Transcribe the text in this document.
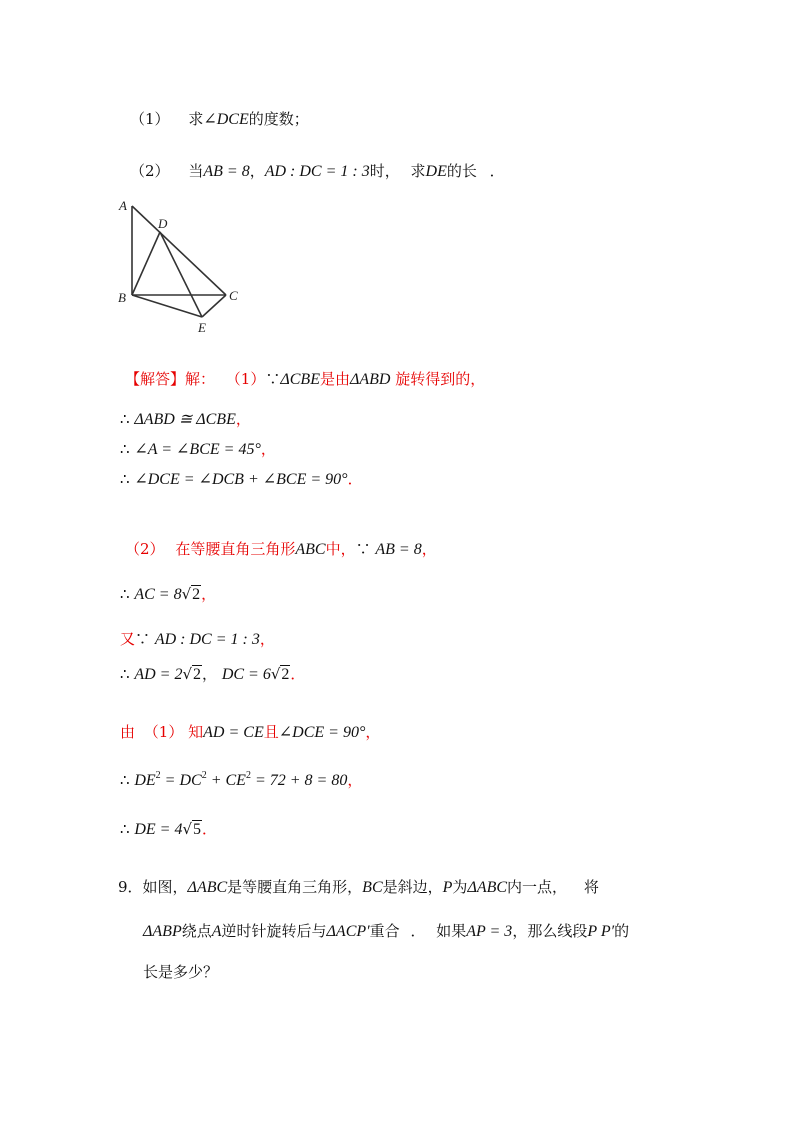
（1） 求∠DCE的度数；
（2） 当AB = 8，AD : DC = 1 : 3时， 求DE的长 ．
A
D
B	C
E
【解答】解： （1）∵ΔCBE是由ΔABD 旋转得到的，
∴ ΔABD ≅ ΔCBE，
∴ ∠A = ∠BCE = 45°，
∴ ∠DCE = ∠DCB + ∠BCE = 90°．
（2） 在等腰直角三角形ABC中，∵ AB = 8，
∴ AC = 8√2，
又∵ AD : DC = 1 : 3，
∴ AD = 2√2， DC = 6√2．
由 （1） 知AD = CE且∠DCE = 90°，
∴ $DE^2 = DC^2 + CE^2 = 72 + 8 = 80$，
∴ DE = 4√5．
9．如图，ΔABC是等腰直角三角形，BC是斜边，P为ΔABC内一点， 将
ΔABP绕点A逆时针旋转后与ΔACP′重合 ． 如果AP = 3，那么线段P P′的
长是多少？
